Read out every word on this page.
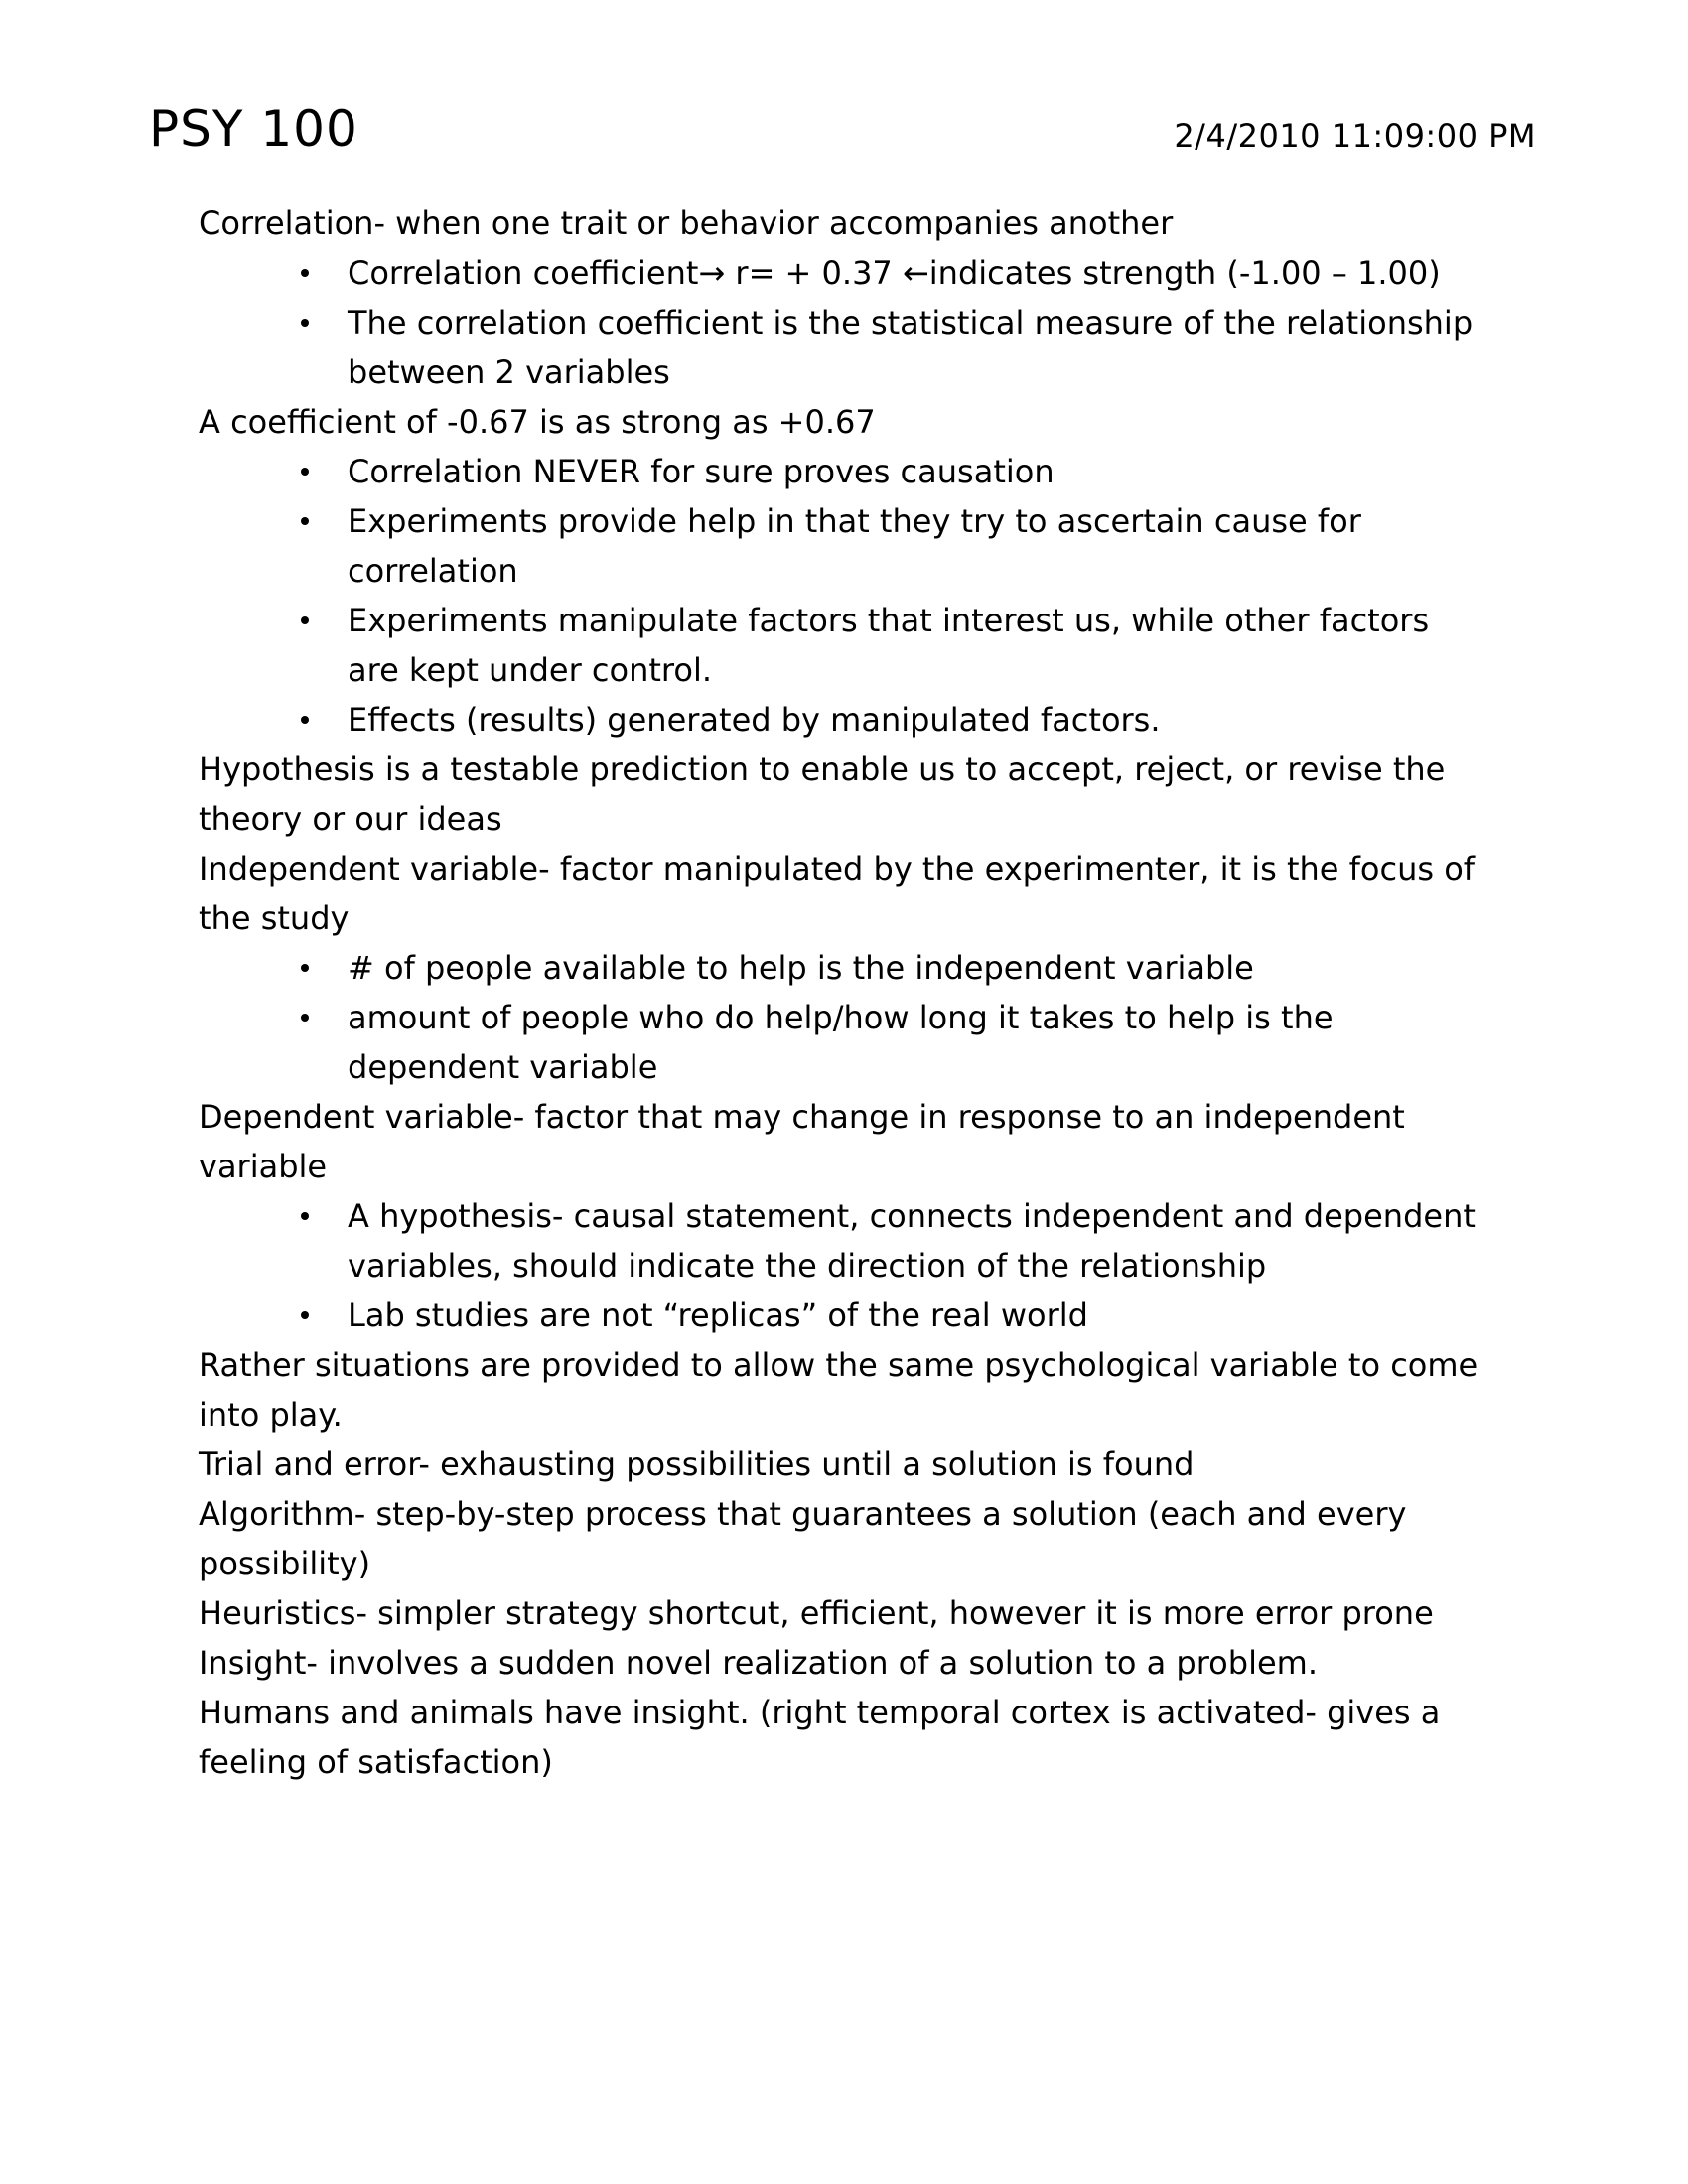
PSY 100	2/4/2010 11:09:00 PM

Correlation- when one trait or behavior accompanies another

Correlation coefficient→ r= + 0.37 ←indicates strength (-1.00 – 1.00)
The correlation coefficient is the statistical measure of the relationship between 2 variables

A coefficient of -0.67 is as strong as +0.67

Correlation NEVER for sure proves causation
Experiments provide help in that they try to ascertain cause for correlation
Experiments manipulate factors that interest us, while other factors are kept under control.
Effects (results) generated by manipulated factors.

Hypothesis is a testable prediction to enable us to accept, reject, or revise the theory or our ideas

Independent variable- factor manipulated by the experimenter, it is the focus of the study

# of people available to help is the independent variable
amount of people who do help/how long it takes to help is the dependent variable

Dependent variable- factor that may change in response to an independent variable

A hypothesis- causal statement, connects independent and dependent variables, should indicate the direction of the relationship
Lab studies are not “replicas” of the real world

Rather situations are provided to allow the same psychological variable to come into play.

Trial and error- exhausting possibilities until a solution is found

Algorithm- step-by-step process that guarantees a solution (each and every possibility)

Heuristics- simpler strategy shortcut, efficient, however it is more error prone

Insight- involves a sudden novel realization of a solution to a problem.

Humans and animals have insight. (right temporal cortex is activated- gives a feeling of satisfaction)
